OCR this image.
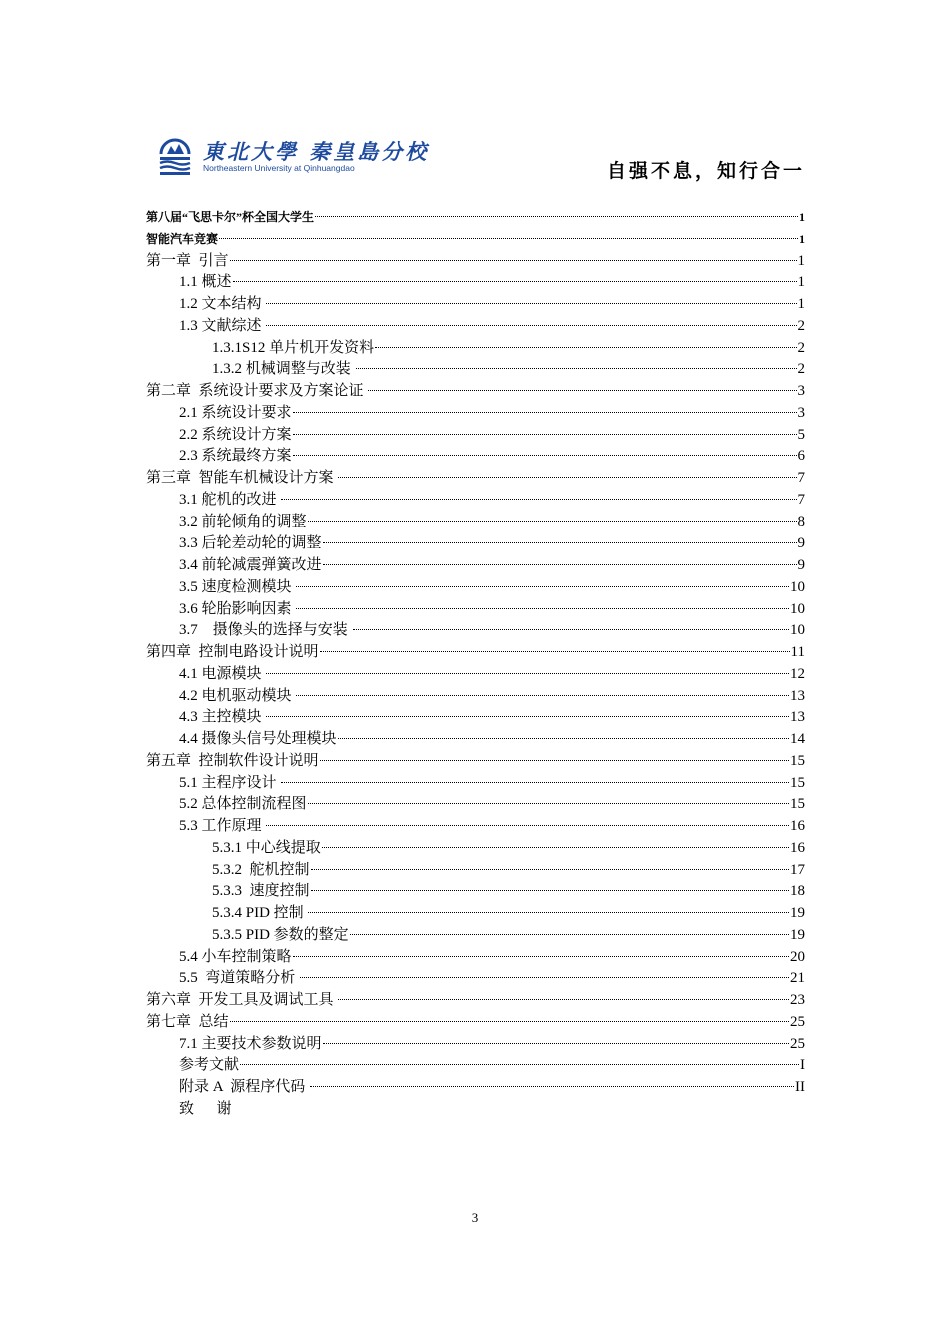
東北大學 秦皇島分校
Northeastern University at Qinhuangdao	自强不息，知行合一
第八届“飞思卡尔”杯全国大学生	1
智能汽车竞赛	1
第一章  引言	1
1.1 概述	1
1.2 文本结构	1
1.3 文献综述	2
1.3.1S12 单片机开发资料	2
1.3.2 机械调整与改装	2
第二章  系统设计要求及方案论证	3
2.1 系统设计要求	3
2.2 系统设计方案	5
2.3 系统最终方案	6
第三章  智能车机械设计方案	7
3.1 舵机的改进	7
3.2 前轮倾角的调整	8
3.3 后轮差动轮的调整	9
3.4 前轮减震弹簧改进	9
3.5 速度检测模块	10
3.6 轮胎影响因素	10
3.7    摄像头的选择与安装	10
第四章  控制电路设计说明	11
4.1 电源模块	12
4.2 电机驱动模块	13
4.3 主控模块	13
4.4 摄像头信号处理模块	14
第五章  控制软件设计说明	15
5.1 主程序设计	15
5.2 总体控制流程图	15
5.3 工作原理	16
5.3.1 中心线提取	16
5.3.2  舵机控制	17
5.3.3  速度控制	18
5.3.4 PID 控制	19
5.3.5 PID 参数的整定	19
5.4 小车控制策略	20
5.5  弯道策略分析	21
第六章  开发工具及调试工具	23
第七章  总结	25
7.1 主要技术参数说明	25
参考文献	I
附录 A  源程序代码	II
致      谢
3
